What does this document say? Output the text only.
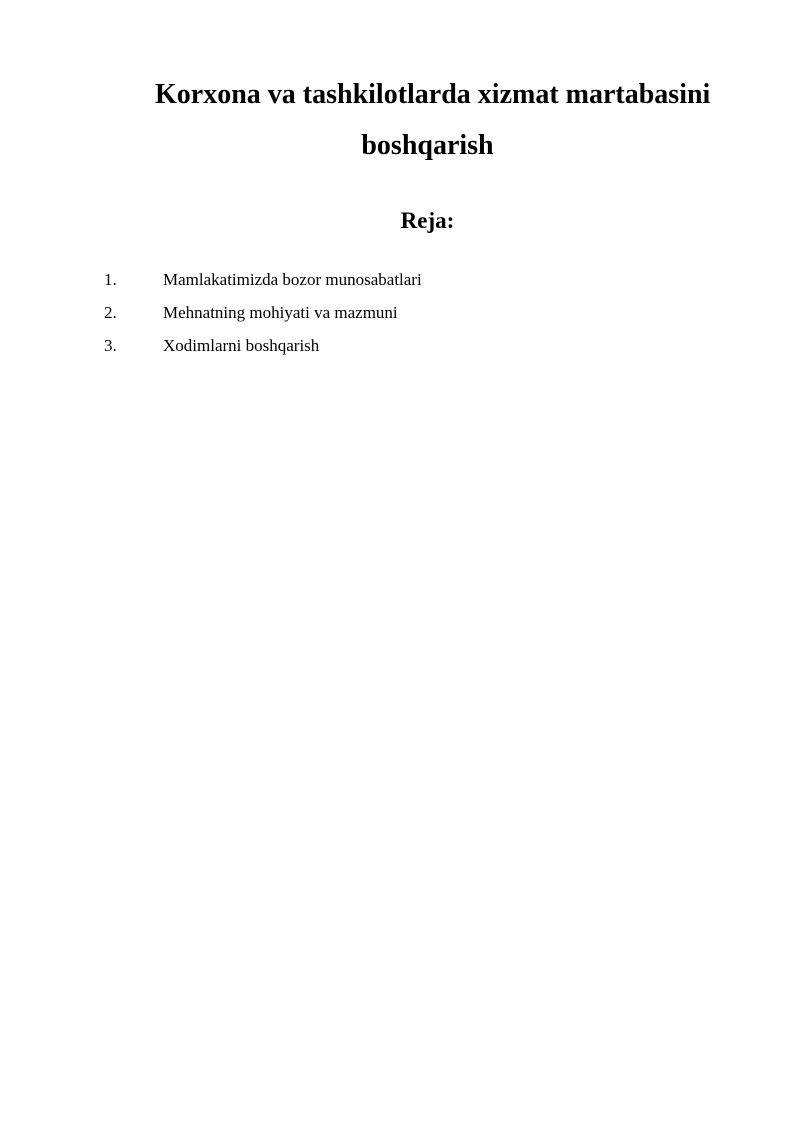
Korxona va tashkilotlarda xizmat martabasini
boshqarish
Reja:
1.	Mamlakatimizda bozor munosabatlari
2.	Mehnatning mohiyati va mazmuni
3.	Xodimlarni boshqarish
